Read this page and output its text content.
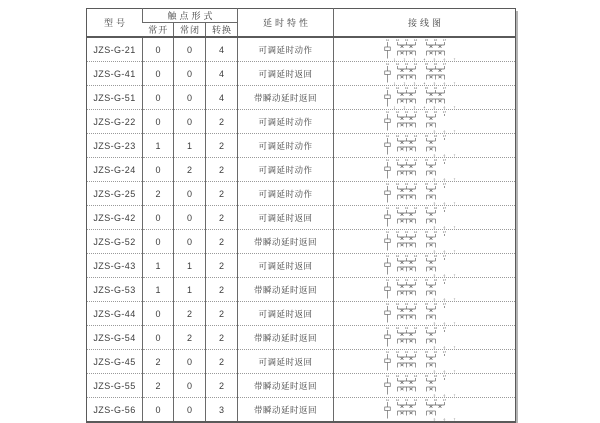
型号	触点形式			延时特性	接线图
	常开	常闭	转换		
JZS-G-21	0	0	4	可调延时动作	
11 12 13 14 15 16 17
1 2 3 4 5 6 7

JZS-G-41	0	0	4	可调延时返回	
11 12 13 14 15 16 17
1 2 3 4 5 6 7

JZS-G-51	0	0	4	带瞬动延时返回	
11 12 13 14 15 16 17
1 2 3 4 5 6 7

JZS-G-22	0	0	2	可调延时动作	
11 12 13 14 15 16 17
5 6 7

JZS-G-23	1	1	2	可调延时动作	
11 12 13 14 15 16 17
5 6 7

JZS-G-24	0	2	2	可调延时动作	
11 12 13 14 15 16 17
5 6 7

JZS-G-25	2	0	2	可调延时动作	
11 12 13 14 15 16 17
5 6 7

JZS-G-42	0	0	2	可调延时返回	
11 12 13 14 15 16 17
5 6 7

JZS-G-52	0	0	2	带瞬动延时返回	
11 12 13 14 15 16 17
5 6 7

JZS-G-43	1	1	2	可调延时返回	
11 12 13 14 15 16 17
5 6 7

JZS-G-53	1	1	2	带瞬动延时返回	
11 12 13 14 15 16 17
5 6 7

JZS-G-44	0	2	2	可调延时返回	
11 12 13 14 15 16 17
5 6 7

JZS-G-54	0	2	2	带瞬动延时返回	
11 12 13 14 15 16 17
5 6 7

JZS-G-45	2	0	2	可调延时返回	
11 12 13 14 15 16 17
5 6 7

JZS-G-55	2	0	2	带瞬动延时返回	
11 12 13 14 15 16 17
5 6 7

JZS-G-56	0	0	3	带瞬动延时返回	
11 12 13 14 15 16 17
5 6 7
